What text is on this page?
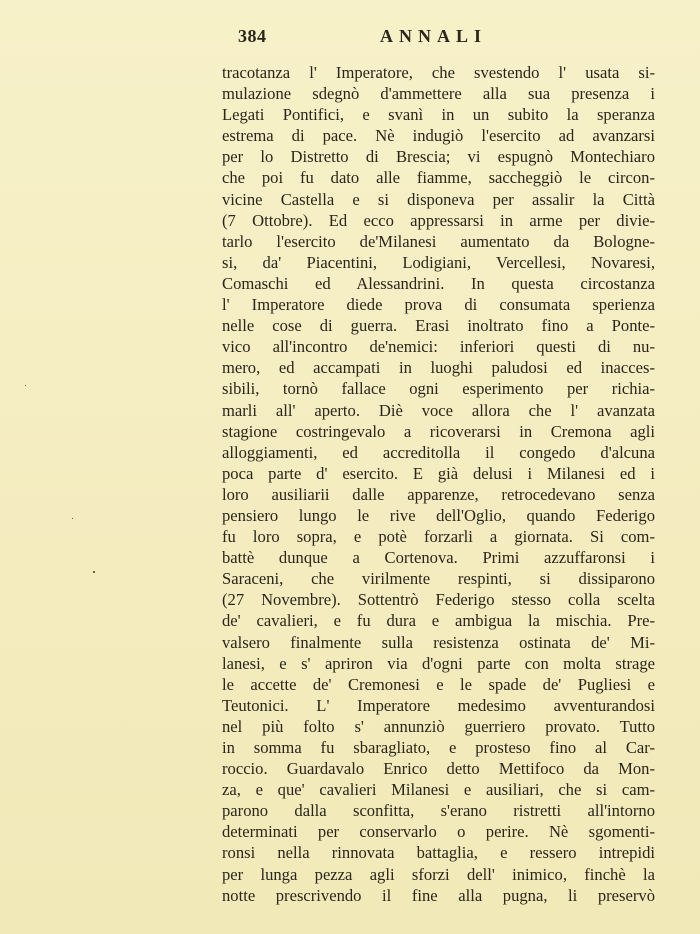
384	ANNALI
tracotanza l' Imperatore, che svestendo l' usata si-
mulazione sdegnò d'ammettere alla sua presenza i
Legati Pontifici, e svanì in un subito la speranza
estrema di pace. Nè indugiò l'esercito ad avanzarsi
per lo Distretto di Brescia; vi espugnò Montechiaro
che poi fu dato alle fiamme, saccheggiò le circon-
vicine Castella e si disponeva per assalir la Città
(7 Ottobre). Ed ecco appressarsi in arme per divie-
tarlo l'esercito de'Milanesi aumentato da Bologne-
si, da' Piacentini, Lodigiani, Vercellesi, Novaresi,
Comaschi ed Alessandrini. In questa circostanza
l' Imperatore diede prova di consumata sperienza
nelle cose di guerra. Erasi inoltrato fino a Ponte-
vico all'incontro de'nemici: inferiori questi di nu-
mero, ed accampati in luoghi paludosi ed inacces-
sibili, tornò fallace ogni esperimento per richia-
marli all' aperto. Diè voce allora che l' avanzata
stagione costringevalo a ricoverarsi in Cremona agli
alloggiamenti, ed accreditolla il congedo d'alcuna
poca parte d' esercito. E già delusi i Milanesi ed i
loro ausiliarii dalle apparenze, retrocedevano senza
pensiero lungo le rive dell'Oglio, quando Federigo
fu loro sopra, e potè forzarli a giornata. Si com-
battè dunque a Cortenova. Primi azzuffaronsi i
Saraceni, che virilmente respinti, si dissiparono
(27 Novembre). Sottentrò Federigo stesso colla scelta
de' cavalieri, e fu dura e ambigua la mischia. Pre-
valsero finalmente sulla resistenza ostinata de' Mi-
lanesi, e s' apriron via d'ogni parte con molta strage
le accette de' Cremonesi e le spade de' Pugliesi e
Teutonici. L' Imperatore medesimo avventurandosi
nel più folto s' annunziò guerriero provato. Tutto
in somma fu sbaragliato, e prosteso fino al Car-
roccio. Guardavalo Enrico detto Mettifoco da Mon-
za, e que' cavalieri Milanesi e ausiliari, che si cam-
parono dalla sconfitta, s'erano ristretti all'intorno
determinati per conservarlo o perire. Nè sgomenti-
ronsi nella rinnovata battaglia, e ressero intrepidi
per lunga pezza agli sforzi dell' inimico, finchè la
notte prescrivendo il fine alla pugna, li preservò
